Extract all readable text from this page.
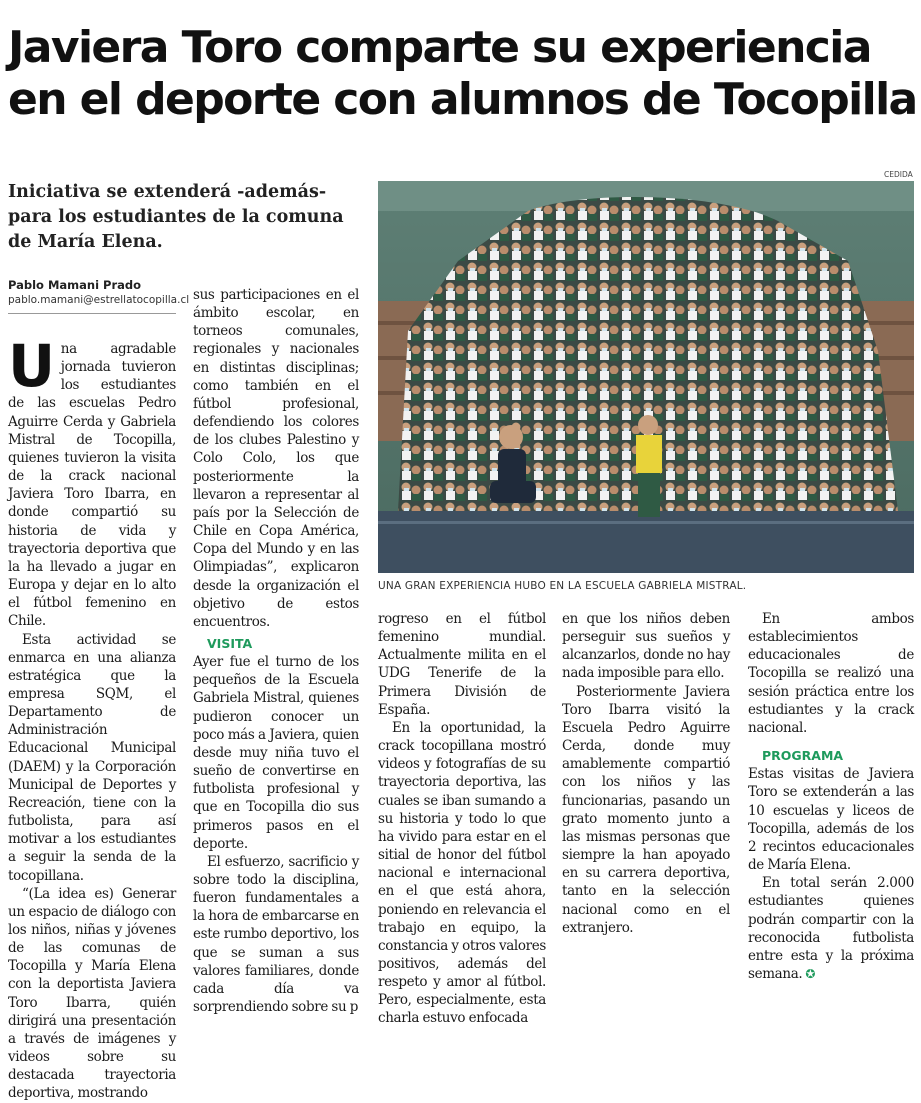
Javiera Toro comparte su experiencia
en el deporte con alumnos de Tocopilla
Iniciativa se extenderá -además- para los estudiantes de la comuna de María Elena.
Pablo Mamani Prado
pablo.mamani@estrellatocopilla.cl
CEDIDA
UNA GRAN EXPERIENCIA HUBO EN LA ESCUELA GABRIELA MISTRAL.

Una agradable jornada tuvieron los estudiantes de las escuelas Pedro Aguirre Cerda y Gabriela Mistral de Tocopilla, quienes tuvieron la visita de la crack nacional Javiera Toro Ibarra, en donde compartió su historia de vida y trayectoria deportiva que la ha llevado a jugar en Europa y dejar en lo alto el fútbol femenino en Chile.

Esta actividad se enmarca en una alianza estratégica que la empresa SQM, el Departamento de Administración Educacional Municipal (DAEM) y la Corporación Municipal de Deportes y Recreación, tiene con la futbolista, para así motivar a los estudiantes a seguir la senda de la tocopillana.

“(La idea es) Generar un espacio de diálogo con los niños, niñas y jóvenes de las comunas de Tocopilla y María Elena con la deportista Javiera Toro Ibarra, quién dirigirá una presentación a través de imágenes y videos sobre su destacada trayectoria deportiva, mostrando

sus participaciones en el ámbito escolar, en torneos comunales, regionales y nacionales en distintas disciplinas; como también en el fútbol profesional, defendiendo los colores de los clubes Palestino y Colo Colo, los que posteriormente la llevaron a representar al país por la Selección de Chile en Copa América, Copa del Mundo y en las Olimpiadas”, explicaron desde la organización el objetivo de estos encuentros.

VISITA

Ayer fue el turno de los pequeños de la Escuela Gabriela Mistral, quienes pudieron conocer un poco más a Javiera, quien desde muy niña tuvo el sueño de convertirse en futbolista profesional y que en Tocopilla dio sus primeros pasos en el deporte.

El esfuerzo, sacrificio y sobre todo la disciplina, fueron fundamentales a la hora de embarcarse en este rumbo deportivo, los que se suman a sus valores familiares, donde cada día va sorprendiendo sobre su p

rogreso en el fútbol femenino mundial. Actualmente milita en el UDG Tenerife de la Primera División de España.

En la oportunidad, la crack tocopillana mostró videos y fotografías de su trayectoria deportiva, las cuales se iban sumando a su historia y todo lo que ha vivido para estar en el sitial de honor del fútbol nacional e internacional en el que está ahora, poniendo en relevancia el trabajo en equipo, la constancia y otros valores positivos, además del respeto y amor al fútbol. Pero, especialmente, esta charla estuvo enfocada

en que los niños deben perseguir sus sueños y alcanzarlos, donde no hay nada imposible para ello.

Posteriormente Javiera Toro Ibarra visitó la Escuela Pedro Aguirre Cerda, donde muy amablemente compartió con los niños y las funcionarias, pasando un grato momento junto a las mismas personas que siempre la han apoyado en su carrera deportiva, tanto en la selección nacional como en el extranjero.

En ambos establecimientos educacionales de Tocopilla se realizó una sesión práctica entre los estudiantes y la crack nacional.

PROGRAMA

Estas visitas de Javiera Toro se extenderán a las 10 escuelas y liceos de Tocopilla, además de los 2 recintos educacionales de María Elena.

En total serán 2.000 estudiantes quienes podrán compartir con la reconocida futbolista entre esta y la próxima semana. ✪
